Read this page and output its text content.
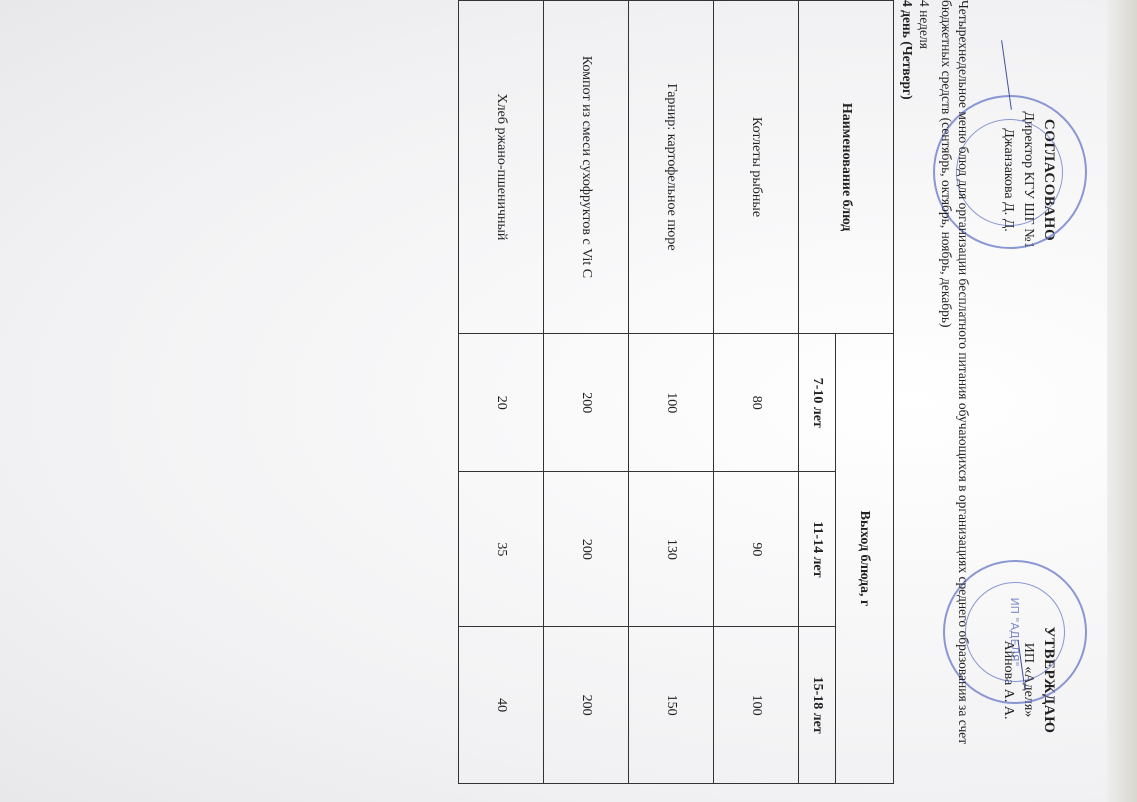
СОГЛАСОВАНО
Директор КГУ ШГ №1
Джанзакова Д. Д.
УТВЕРЖДАЮ
ИП «Аделя»
Айнова А. А.
ИП "АДЕЛЯ"
Четырехнедельное меню блюд для организации бесплатного питания обучающихся в организациях среднего образования за счет бюджетных средств (сентябрь, октябрь, ноябрь, декабрь)
4 неделя
4 день (Четверг)
Наименование блюд	Выход блюда, г		
	7-10 лет	11-14 лет	15-18 лет
Котлеты рыбные	80	90	100
Гарнир: картофельное пюре	100	130	150
Компот из смеси сухофруктов с Vit C	200	200	200
Хлеб ржано-пшеничный	20	35	40
